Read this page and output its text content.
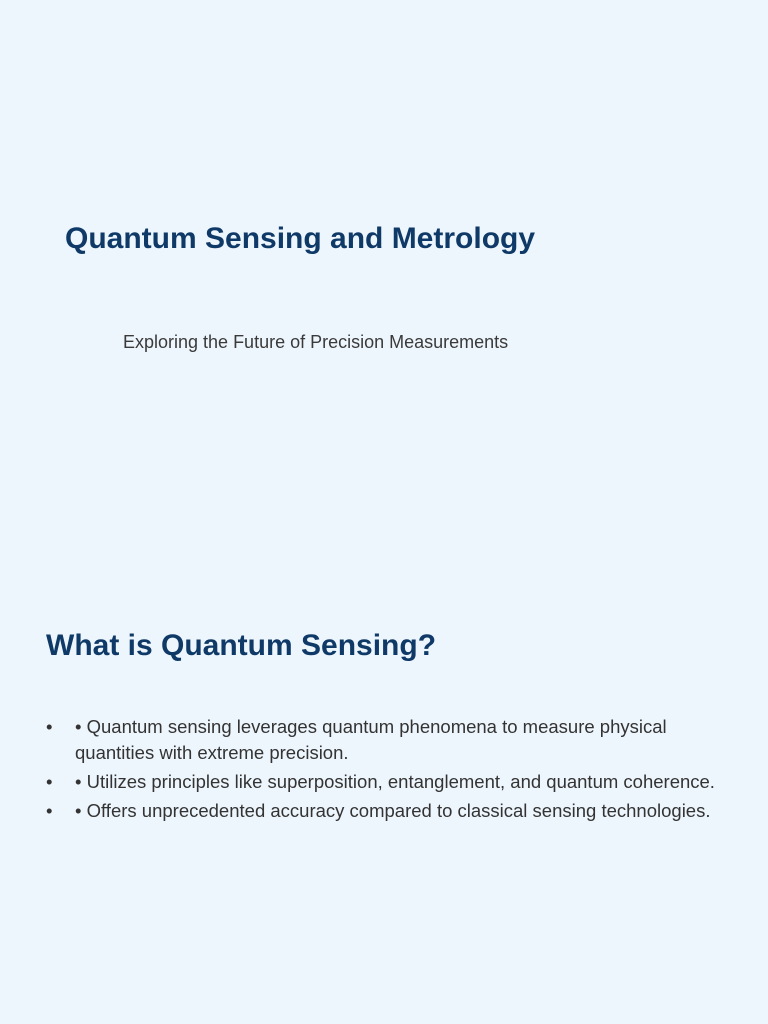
Quantum Sensing and Metrology

Exploring the Future of Precision Measurements

What is Quantum Sensing?
• • Quantum sensing leverages quantum phenomena to measure physical quantities with extreme precision.
• • Utilizes principles like superposition, entanglement, and quantum coherence.
• • Offers unprecedented accuracy compared to classical sensing technologies.
